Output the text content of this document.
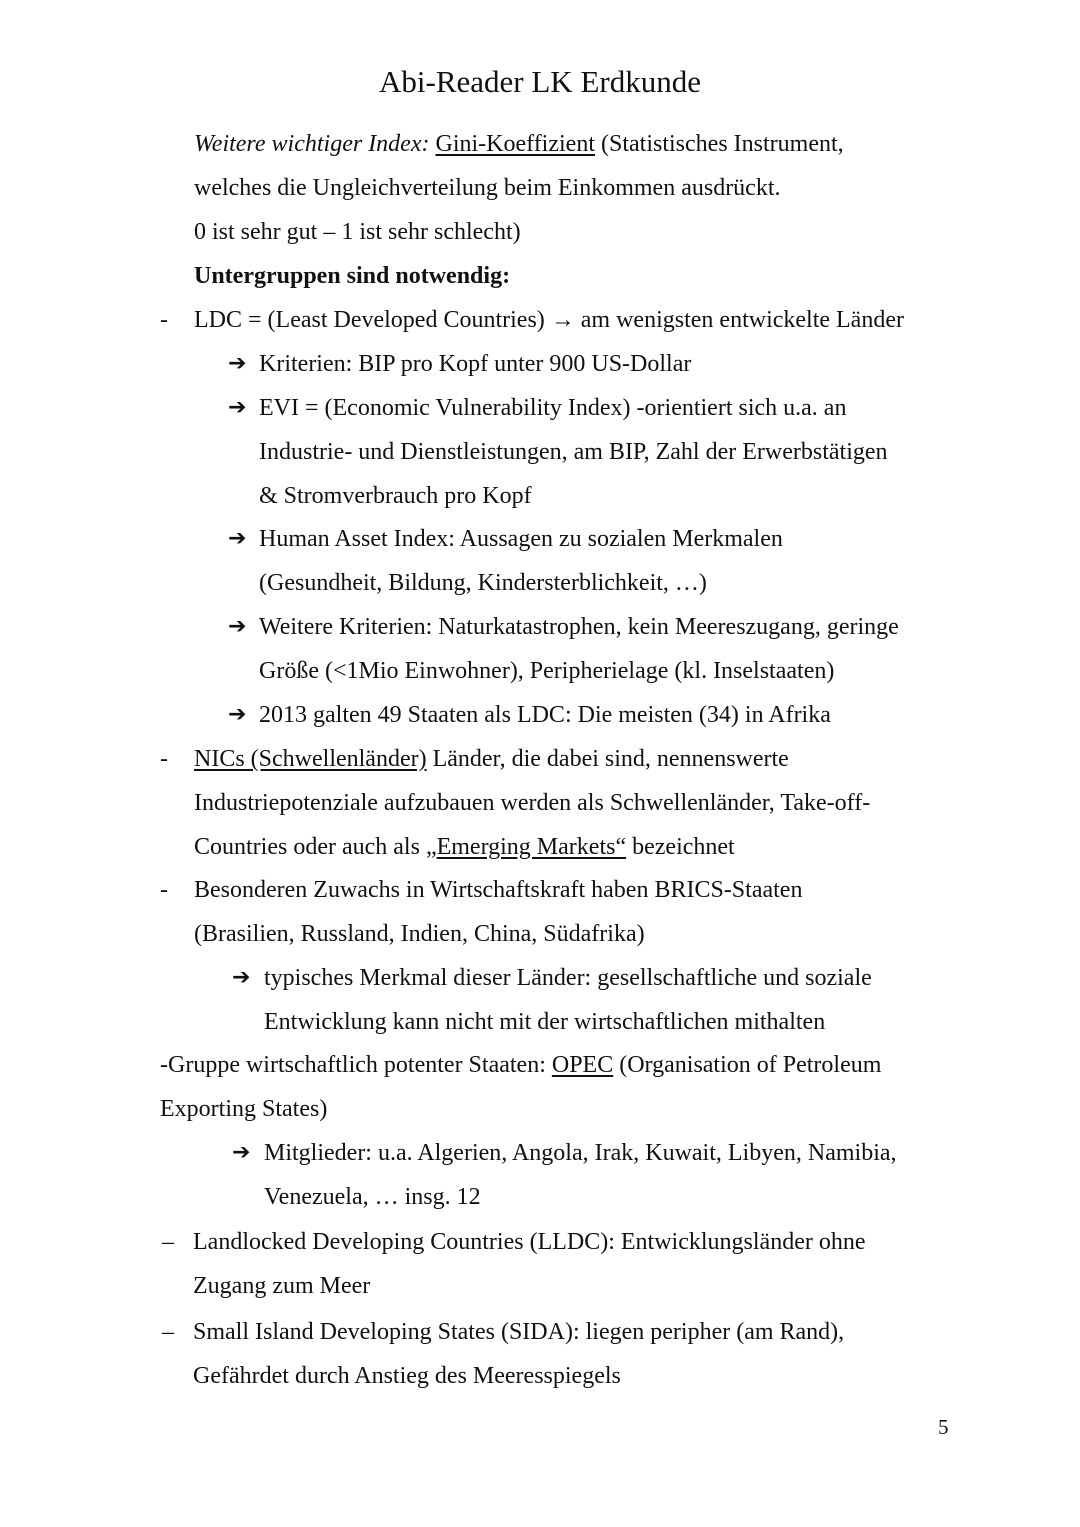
Abi-Reader LK Erdkunde
Weitere wichtiger Index: Gini-Koeffizient (Statistisches Instrument,
welches die Ungleichverteilung beim Einkommen ausdrückt.
0 ist sehr gut – 1 ist sehr schlecht)
Untergruppen sind notwendig:
- LDC = (Least Developed Countries) → am wenigsten entwickelte Länder
➔ Kriterien: BIP pro Kopf unter 900 US-Dollar
➔ EVI = (Economic Vulnerability Index) -orientiert sich u.a. an
Industrie- und Dienstleistungen, am BIP, Zahl der Erwerbstätigen
& Stromverbrauch pro Kopf
➔ Human Asset Index: Aussagen zu sozialen Merkmalen
(Gesundheit, Bildung, Kindersterblichkeit, …)
➔ Weitere Kriterien: Naturkatastrophen, kein Meereszugang, geringe
Größe (<1Mio Einwohner), Peripherielage (kl. Inselstaaten)
➔ 2013 galten 49 Staaten als LDC: Die meisten (34) in Afrika
- NICs (Schwellenländer) Länder, die dabei sind, nennenswerte
Industriepotenziale aufzubauen werden als Schwellenländer, Take-off-
Countries oder auch als „Emerging Markets“ bezeichnet
- Besonderen Zuwachs in Wirtschaftskraft haben BRICS-Staaten
(Brasilien, Russland, Indien, China, Südafrika)
➔ typisches Merkmal dieser Länder: gesellschaftliche und soziale
Entwicklung kann nicht mit der wirtschaftlichen mithalten
-Gruppe wirtschaftlich potenter Staaten: OPEC (Organisation of Petroleum
Exporting States)
➔ Mitglieder: u.a. Algerien, Angola, Irak, Kuwait, Libyen, Namibia,
Venezuela, … insg. 12
– Landlocked Developing Countries (LLDC): Entwicklungsländer ohne
Zugang zum Meer
– Small Island Developing States (SIDA): liegen peripher (am Rand),
Gefährdet durch Anstieg des Meeresspiegels
5
